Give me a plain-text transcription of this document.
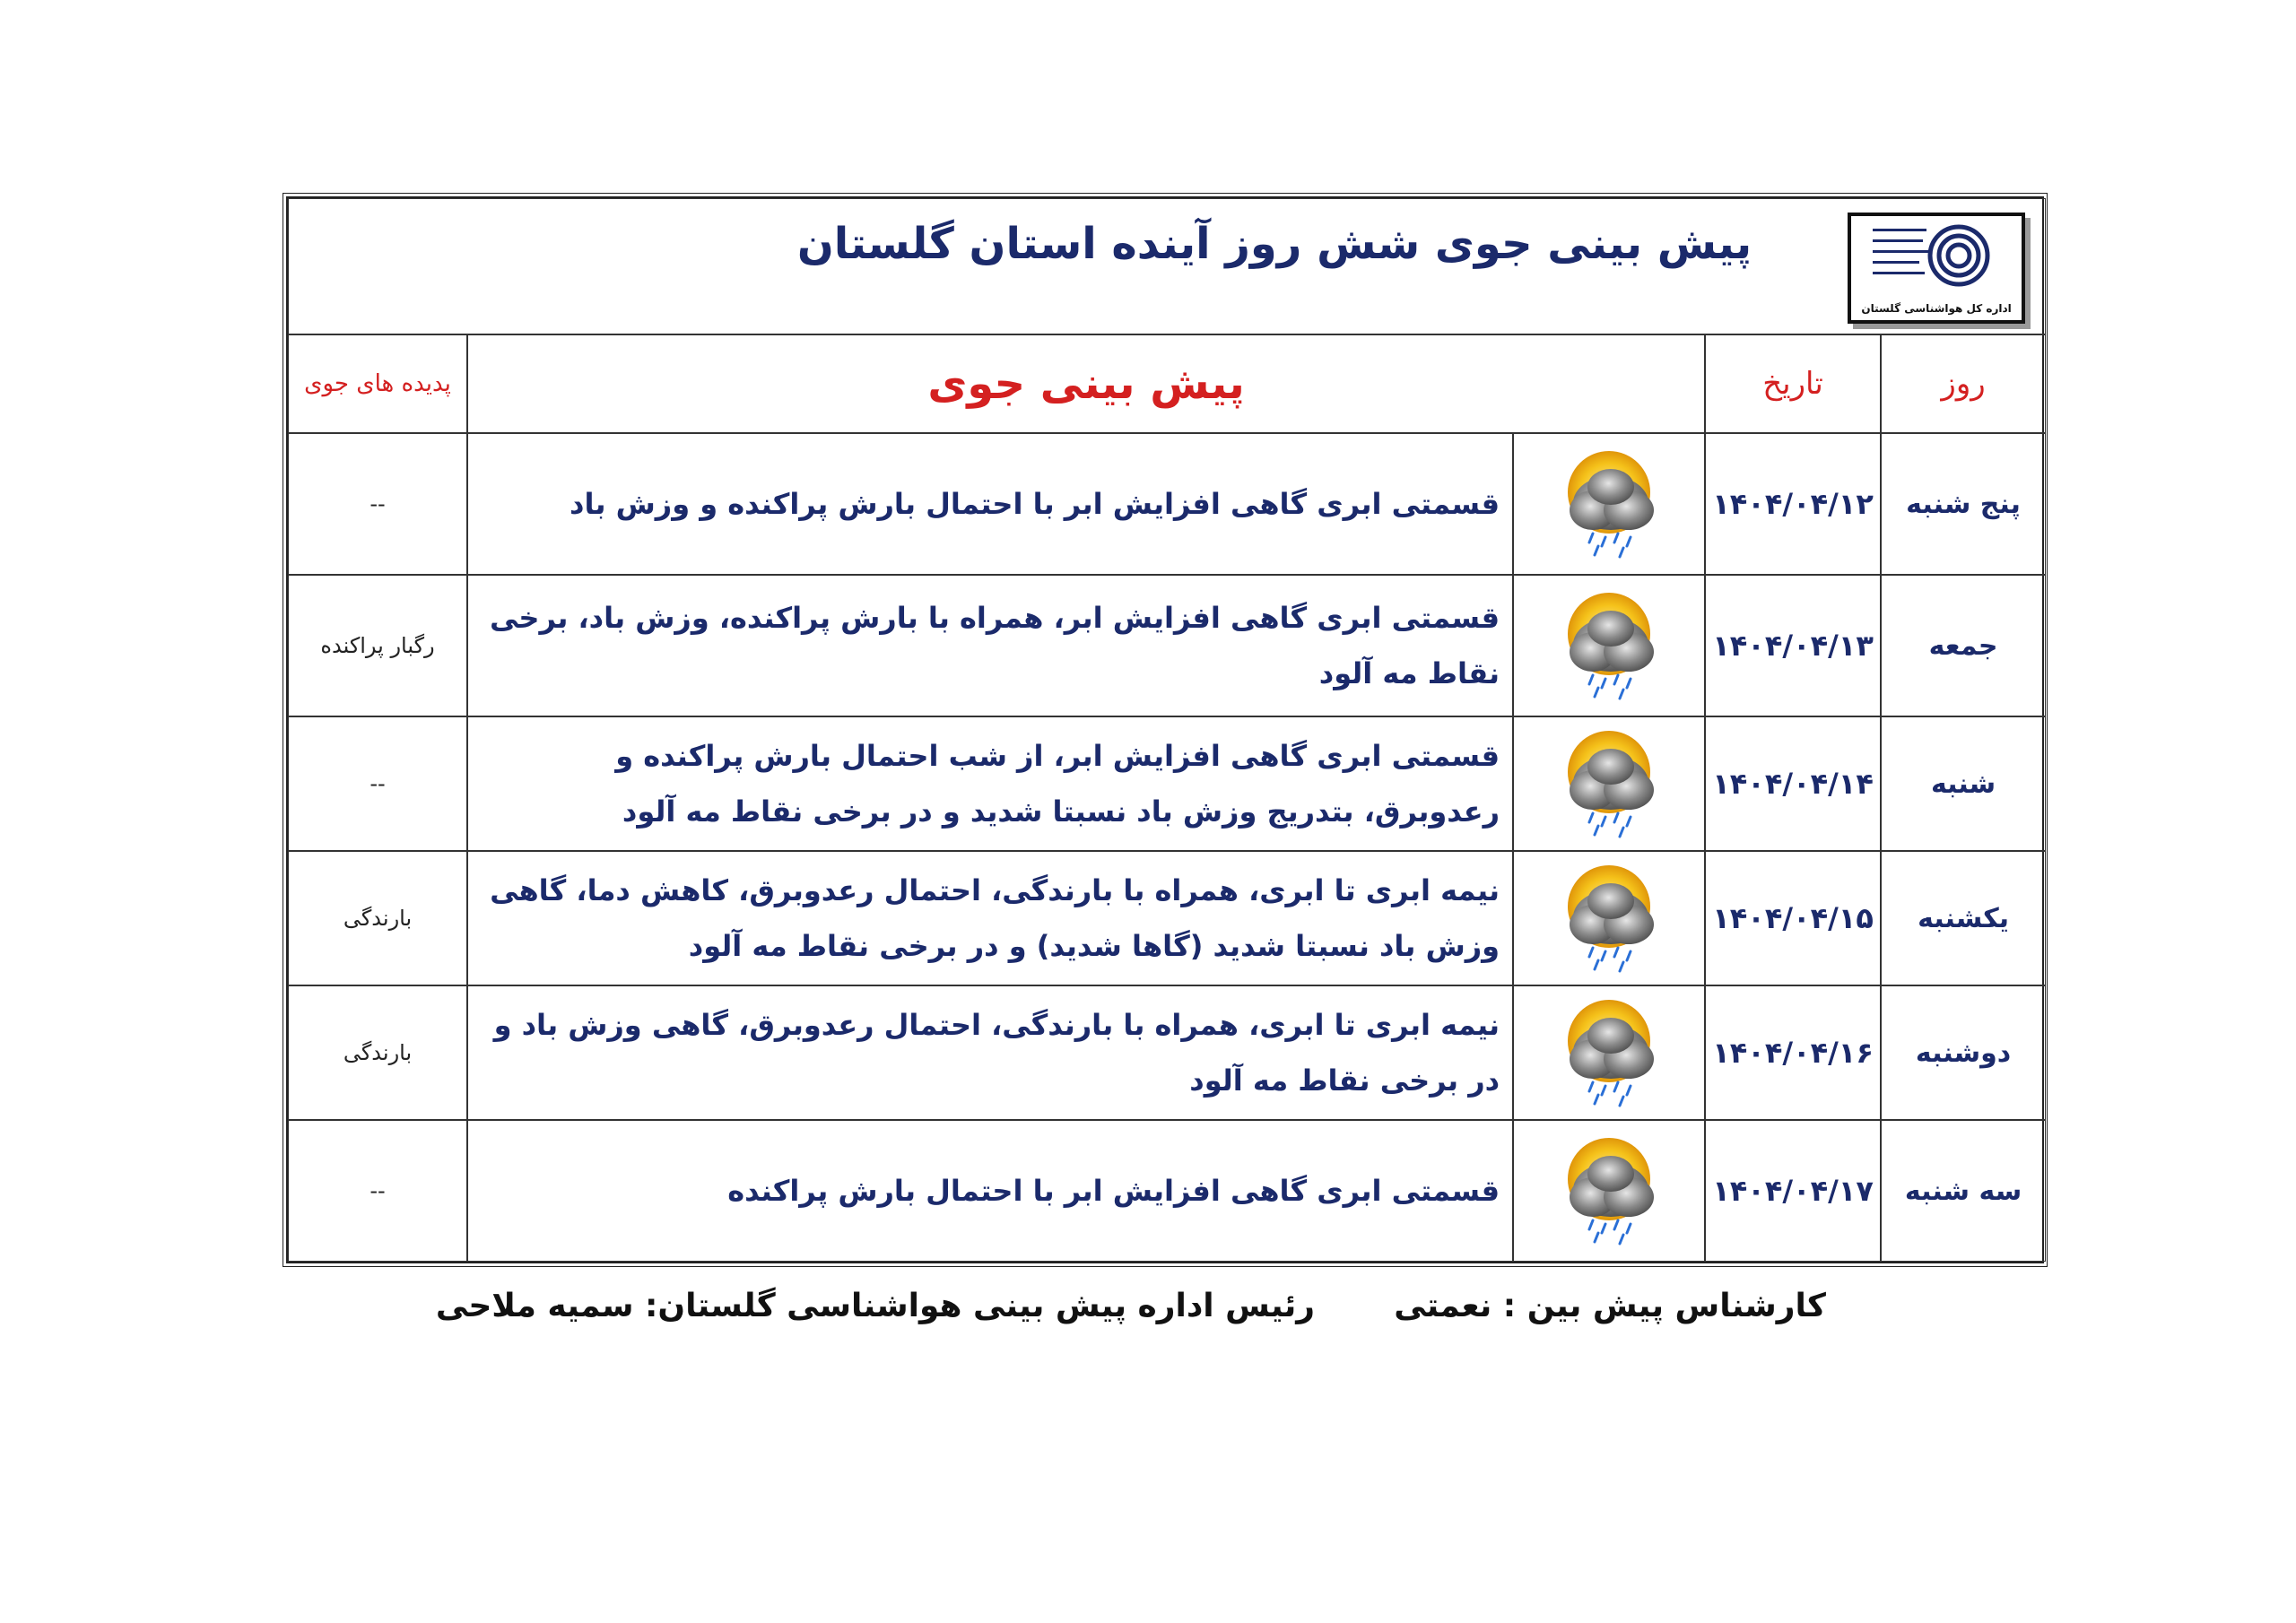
اداره کل هواشناسی گلستان
پیش بینی جوی شش روز آینده استان گلستان				

روز	تاریخ	پیش بینی جوی		پدیده های جوی
پنج شنبه	۱۴۰۴/۰۴/۱۲		قسمتی ابری گاهی افزایش ابر با احتمال بارش پراکنده و وزش باد	--
جمعه	۱۴۰۴/۰۴/۱۳		قسمتی ابری گاهی افزایش ابر، همراه با بارش پراکنده، وزش باد، برخی نقاط مه آلود	رگبار پراکنده
شنبه	۱۴۰۴/۰۴/۱۴		قسمتی ابری گاهی افزایش ابر، از شب احتمال بارش پراکنده و رعدوبرق، بتدریج وزش باد نسبتا شدید و در برخی نقاط مه آلود	--
یکشنبه	۱۴۰۴/۰۴/۱۵		نیمه ابری تا ابری، همراه با بارندگی، احتمال رعدوبرق، کاهش دما، گاهی وزش باد نسبتا شدید (گاها شدید) و در برخی نقاط مه آلود	بارندگی
دوشنبه	۱۴۰۴/۰۴/۱۶		نیمه ابری تا ابری، همراه با بارندگی، احتمال رعدوبرق، گاهی وزش باد و در برخی نقاط مه آلود	بارندگی
سه شنبه	۱۴۰۴/۰۴/۱۷		قسمتی ابری گاهی افزایش ابر با احتمال بارش پراکنده	--
کارشناس پیش بین : نعمتی
رئیس اداره پیش بینی هواشناسی گلستان: سمیه ملاحی
